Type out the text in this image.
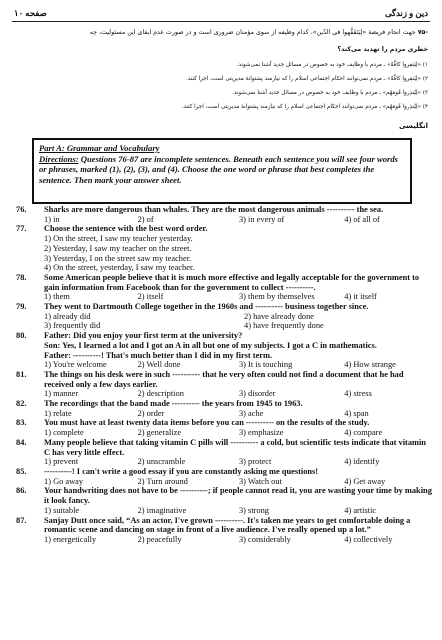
صفحه ۱۰	دین و زندگی
-۷۵ جهت انجام فریضهٔ «لِیَتَفَقَّهوا فی الدّین»، کدام وظیفه از سوی مؤمنان ضروری است و در صورت عدم ایفای این مسئولیت، چه
خطری مردم را تهدید می‌کند؟
۱) «لِیَنفِروا کافَّةً» ـ مردم با وظایف خود به خصوص در مسائل جدید آشنا نمی‌شوند.
۲) «لِیَنفِروا کافَّةً» ـ مردم نمی‌توانند احکام اجتماعی اسلام را که نیازمند پشتوانهٔ مدیریتی است، اجرا کنند.
۳) «لِیُنذِروا قَومَهُم» ـ مردم با وظایف خود به خصوص در مسائل جدید آشنا نمی‌شوند.
۴) «لِیُنذِروا قَومَهُم» ـ مردم نمی‌توانند احکام اجتماعی اسلام را که نیازمند پشتوانهٔ مدیریتی است، اجرا کنند.
انگلیسی
Part A: Grammar and Vocabulary
Directions: Questions 76-87 are incomplete sentences. Beneath each sentence you will see four words or phrases, marked (1), (2), (3), and (4). Choose the one word or phrase that best completes the sentence. Then mark your answer sheet.
76. Sharks are more dangerous than whales. They are the most dangerous animals ---------- the sea.
1) in	2) of	3) in every of	4) of all of
77. Choose the sentence with the best word order.
1) On the street, I saw my teacher yesterday.
2) Yesterday, I saw my teacher on the street.
3) Yesterday, I on the street saw my teacher.
4) On the street, yesterday, I saw my teacher.
78. Some American people believe that it is much more effective and legally acceptable for the government to gain information from Facebook than for the government to collect ----------.
1) them	2) itself	3) them by themselves	4) it itself
79. They went to Dartmouth College together in the 1960s and ---------- business together since.
1) already did	2) have already done
3) frequently did	4) have frequently done
80. Father: Did you enjoy your first term at the university?
Son: Yes, I learned a lot and I got an A in all but one of my subjects. I got a C in mathematics.
Father: ----------! That's much better than I did in my first term.
1) You're welcome	2) Well done	3) It is touching	4) How strange
81. The things on his desk were in such ---------- that he very often could not find a document that he had received only a few days earlier.
1) manner	2) description	3) disorder	4) stress
82. The recordings that the band made ---------- the years from 1945 to 1963.
1) relate	2) order	3) ache	4) span
83. You must have at least twenty data items before you can ---------- on the results of the study.
1) complete	2) generalize	3) emphasize	4) compare
84. Many people believe that taking vitamin C pills will ---------- a cold, but scientific tests indicate that vitamin C has very little effect.
1) prevent	2) unscramble	3) protect	4) identify
85. ----------! I can't write a good essay if you are constantly asking me questions!
1) Go away	2) Turn around	3) Watch out	4) Get away
86. Your handwriting does not have to be ----------; if people cannot read it, you are wasting your time by making it look fancy.
1) suitable	2) imaginative	3) strong	4) artistic
87. Sanjay Dutt once said, “As an actor, I've grown ----------. It's taken me years to get comfortable doing a romantic scene and dancing on stage in front of a live audience. I've really opened up a lot.”
1) energetically	2) peacefully	3) considerably	4) collectively
